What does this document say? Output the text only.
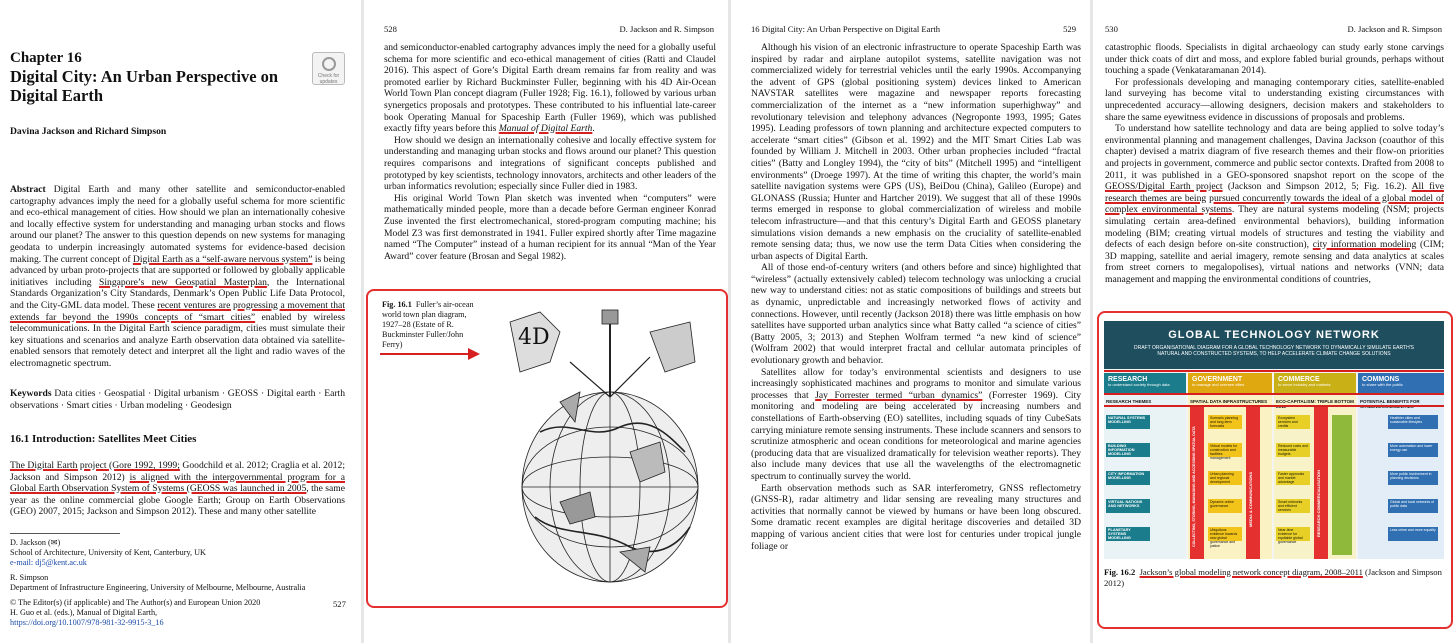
Chapter 16
Digital City: An Urban Perspective on Digital Earth
Check for updates
Davina Jackson and Richard Simpson

Abstract Digital Earth and many other satellite and semiconductor-enabled cartography advances imply the need for a globally useful schema for more scientific and eco-ethical management of cities. How should we plan an internationally cohesive and locally effective system for understanding and managing urban stocks and flows around our planet? The answer to this question depends on new systems for managing geodata to underpin increasingly automated systems for evidence-based decision making. The current concept of Digital Earth as a “self-aware nervous system” is being advanced by urban proto-projects that are supported or followed by globally applicable initiatives including Singapore’s new Geospatial Masterplan, the International Standards Organization’s City Standards, Denmark’s Open Public Life Data Protocol, and the City-GML data model. These recent ventures are progressing a movement that extends far beyond the 1990s concepts of “smart cities” enabled by wireless telecommunications. In the Digital Earth science paradigm, cities must simulate their key situations and scenarios and analyze Earth observation data obtained via satellite-enabled sensors that remotely detect and interpret all the light and radio waves of the electromagnetic spectrum.

Keywords Data cities · Geospatial · Digital urbanism · GEOSS · Digital earth · Earth observations · Smart cities · Urban modeling · Geodesign

16.1 Introduction: Satellites Meet Cities

The Digital Earth project (Gore 1992, 1999; Goodchild et al. 2012; Craglia et al. 2012; Jackson and Simpson 2012) is aligned with the intergovernmental program for a Global Earth Observation System of Systems (GEOSS was launched in 2005, the same year as the online commercial globe Google Earth; Group on Earth Observations (GEO) 2007, 2015; Jackson and Simpson 2012). These and many other satellite

D. Jackson (✉)

School of Architecture, University of Kent, Canterbury, UK

e-mail: dj5@kent.ac.uk

R. Simpson

Department of Infrastructure Engineering, University of Melbourne, Melbourne, Australia

© The Editor(s) (if applicable) and The Author(s) and European Union 2020

H. Guo et al. (eds.), Manual of Digital Earth,

https://doi.org/10.1007/978-981-32-9915-3_16

527
528	D. Jackson and R. Simpson

and semiconductor-enabled cartography advances imply the need for a globally useful schema for more scientific and eco-ethical management of cities (Ratti and Claudel 2016). This aspect of Gore’s Digital Earth dream remains far from reality and was promoted earlier by Richard Buckminster Fuller, beginning with his 4D Air-Ocean World Town Plan concept diagram (Fuller 1928; Fig. 16.1), followed by various urban synergetics proposals and prototypes. These contributed to his influential late-career book Operating Manual for Spaceship Earth (Fuller 1969), which was published exactly fifty years before this Manual of Digital Earth.

How should we design an internationally cohesive and locally effective system for understanding and managing urban stocks and flows around our planet? This question requires comparisons and integrations of significant concepts published and prototyped by key scientists, technology innovators, architects and other leaders of the urban informatics revolution; especially since Fuller died in 1983.

His original World Town Plan sketch was invented when “computers” were mathematically minded people, more than a decade before German engineer Konrad Zuse invented the first electromechanical, stored-program computing machine; his Model Z3 was first demonstrated in 1941. Fuller expired shortly after Time magazine named “The Computer” instead of a human recipient for its annual “Man of the Year Award” cover feature (Brosan and Segal 1982).

Fig. 16.1 Fuller’s air-ocean world town plan diagram, 1927–28 (Estate of R. Buckminster Fuller/John Ferry)	4D
16 Digital City: An Urban Perspective on Digital Earth	529

Although his vision of an electronic infrastructure to operate Spaceship Earth was inspired by radar and airplane autopilot systems, satellite navigation was not commercialized widely for terrestrial vehicles until the early 1990s. Accompanying the advent of GPS (global positioning system) devices linked to American NAVSTAR satellites were magazine and newspaper reports forecasting commercialization of the internet as a “new information superhighway” and revolutionary television and telephony advances (Negroponte 1993, 1995; Gates 1995). Leading professors of town planning and architecture expected computers to accelerate “smart cities” (Gibson et al. 1992) and the MIT Smart Cities Lab was founded by William J. Mitchell in 2003. Other urban prophecies included “fractal cities” (Batty and Longley 1994), the “city of bits” (Mitchell 1995) and “intelligent environments” (Droege 1997). At the time of writing this chapter, the world’s main satellite navigation systems were GPS (US), BeiDou (China), Galileo (Europe) and GLONASS (Russia; Hunter and Hartcher 2019). We suggest that all of these 1990s terms emerged in response to global commercialization of wireless and mobile telecom infrastructure—and that this century’s Digital Earth and GEOSS planetary simulations vision demands a new emphasis on the cruciality of satellite-enabled remote sensing data; thus, we now use the term Data Cities when considering the urban aspects of Digital Earth.

All of those end-of-century writers (and others before and since) highlighted that “wireless” (actually extensively cabled) telecom technology was unlocking a crucial new way to understand cities: not as static compositions of buildings and streets but as dynamic, unpredictable and increasingly networked flows of activity and connections. However, until recently (Jackson 2018) there was little emphasis on how satellites have supported urban analytics since what Batty called “a science of cities” (Batty 2005, 3; 2013) and Stephen Wolfram termed “a new kind of science” (Wolfram 2002) that would interpret fractal and cellular automata principles of evolutionary growth and behavior.

Satellites allow for today’s environmental scientists and designers to use increasingly sophisticated machines and programs to monitor and simulate various processes that Jay Forrester termed “urban dynamics” (Forrester 1969). City monitoring and modeling are being accelerated by increasing numbers and constellations of Earth-observing (EO) satellites, including squads of tiny CubeSats carrying miniature remote sensing instruments. These include scanners and sensors to scrutinize atmospheric and ocean conditions for meteorological and marine agencies (producing data that are visualized dramatically for television weather reports). They also include many devices that use all the wavelengths of the electromagnetic spectrum to continually survey the world.

Earth observation methods such as SAR interferometry, GNSS reflectometry (GNSS-R), radar altimetry and lidar sensing are revealing many structures and activities that normally cannot be viewed by humans or have been long obscured. Some dramatic recent examples are digital heritage discoveries and detailed 3D mapping of various ancient cities that were lost for centuries under tropical jungle foliage or

530	D. Jackson and R. Simpson

catastrophic floods. Specialists in digital archaeology can study early stone carvings under thick coats of dirt and moss, and explore fabled burial grounds, perhaps without touching a spade (Venkataramanan 2014).

For professionals developing and managing contemporary cities, satellite-enabled land surveying has become vital to understanding existing circumstances with unprecedented accuracy—allowing designers, decision makers and stakeholders to share the same eyewitness evidence in discussions of proposals and problems.

To understand how satellite technology and data are being applied to solve today’s environmental planning and management challenges, Davina Jackson (coauthor of this chapter) devised a matrix diagram of five research themes and their flow-on priorities and projects in government, commerce and public sector contexts. Drafted from 2008 to 2011, it was published in a GEO-sponsored snapshot report on the scope of the GEOSS/Digital Earth project (Jackson and Simpson 2012, 5; Fig. 16.2). All five research themes are being pursued concurrently towards the ideal of a global model of complex environmental systems. They are natural systems modeling (NSM; projects simulating certain area-defined environmental behaviors), building information modeling (BIM; creating virtual models of structures and testing the viability and defects of each design before on-site construction), city information modeling (CIM; 3D mapping, satellite and aerial imagery, remote sensing and data analytics at scales from street corners to megalopolises), virtual nations and networks (VNN; data management and mapping the environmental conditions of countries,

GLOBAL TECHNOLOGY NETWORK
DRAFT ORGANISATIONAL DIAGRAM FOR A GLOBAL TECHNOLOGY NETWORK TO DYNAMICALLY SIMULATE EARTH'S NATURAL AND CONSTRUCTED SYSTEMS, TO HELP ACCELERATE CLIMATE CHANGE SOLUTIONS
RESEARCH
to understand society through data
RESEARCH THEMES
NATURAL SYSTEMS MODELLING
BUILDING INFORMATION MODELLING
CITY INFORMATION MODELLING
VIRTUAL NATIONS AND NETWORKS
PLANETARY SYSTEMS MODELLING
GOVERNMENT
to manage and oversee cities
SPATIAL DATA INFRASTRUCTURES
COLLECTING, STORING, MANAGING AND ACCESSING SPATIAL DATA
Scenario planning and long-term forecasts
Virtual models for construction and facilities management
Urban planning and regional development
Dynamic online governance
Ubiquitous evidence towards new global governance and justice
MEDIA & COMMUNICATIONS
COMMERCE
to serve industry and markets
ECO-CAPITALISM: TRIPLE BOTTOM
Ecosystem services and credits
Reduced costs and measurable budgets
Faster approvals and market advantage
Smart networks and efficient services
Near-time evidence for equitable global governance
RESEARCH COMMERCIALISATION
COMMONS
to share with the public
POTENTIAL BENEFITS FOR
Healthier cities and sustainable lifestyles
More automation and lower energy use
More public involvement in planning decisions
Global and local networks of public data
Less crime and more equality
Fig. 16.2 Jackson’s global modeling network concept diagram, 2008–2011 (Jackson and Simpson 2012)
